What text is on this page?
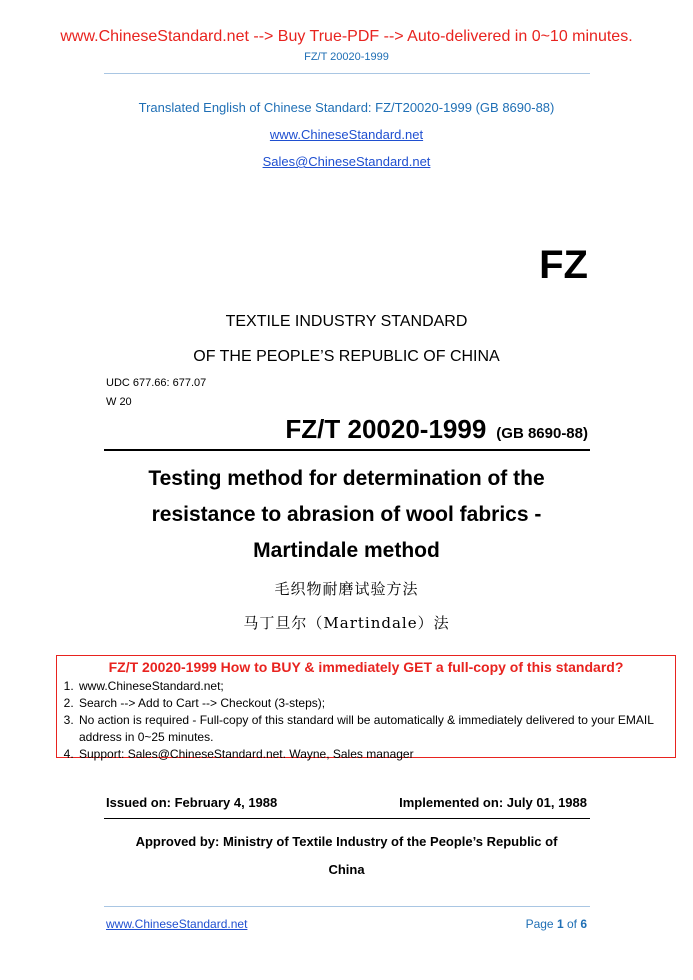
www.ChineseStandard.net --> Buy True-PDF --> Auto-delivered in 0~10 minutes.
FZ/T 20020-1999
Translated English of Chinese Standard: FZ/T20020-1999 (GB 8690-88)
www.ChineseStandard.net
Sales@ChineseStandard.net
FZ
TEXTILE INDUSTRY STANDARD
OF THE PEOPLE’S REPUBLIC OF CHINA
UDC 677.66: 677.07
W 20
FZ/T 20020-1999 (GB 8690-88)
Testing method for determination of the
resistance to abrasion of wool fabrics -
Martindale method
毛织物耐磨试验方法
马丁旦尔（Martindale）法
FZ/T 20020-1999 How to BUY & immediately GET a full-copy of this standard?
1. www.ChineseStandard.net;
2. Search --> Add to Cart --> Checkout (3-steps);
3. No action is required - Full-copy of this standard will be automatically & immediately delivered to your EMAIL address in 0~25 minutes.
4. Support: Sales@ChineseStandard.net. Wayne, Sales manager
Issued on: February 4, 1988	Implemented on: July 01, 1988
Approved by: Ministry of Textile Industry of the People’s Republic of
China
www.ChineseStandard.net	Page 1 of 6
